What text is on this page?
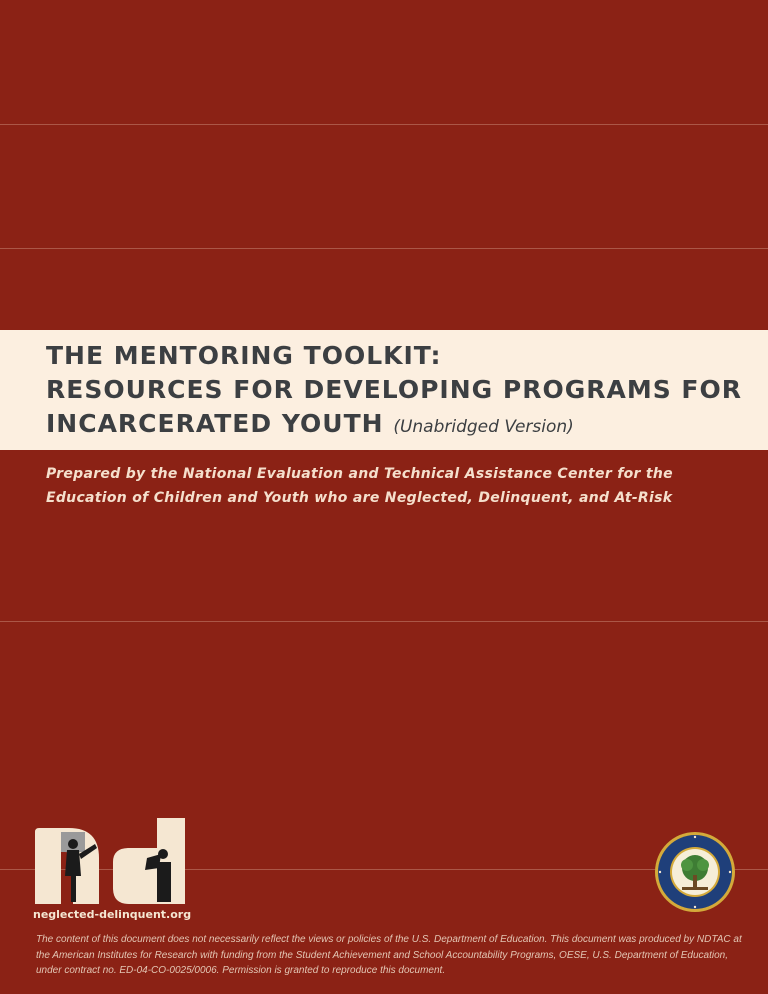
THE MENTORING TOOLKIT:
RESOURCES FOR DEVELOPING PROGRAMS FOR
INCARCERATED YOUTH (Unabridged Version)

Prepared by the National Evaluation and Technical Assistance Center for the Education of Children and Youth who are Neglected, Delinquent, and At-Risk

neglected-delinquent.org

The content of this document does not necessarily reflect the views or policies of the U.S. Department of Education. This document was produced by NDTAC at the American Institutes for Research with funding from the Student Achievement and School Accountability Programs, OESE, U.S. Department of Education, under contract no. ED-04-CO-0025/0006. Permission is granted to reproduce this document.
